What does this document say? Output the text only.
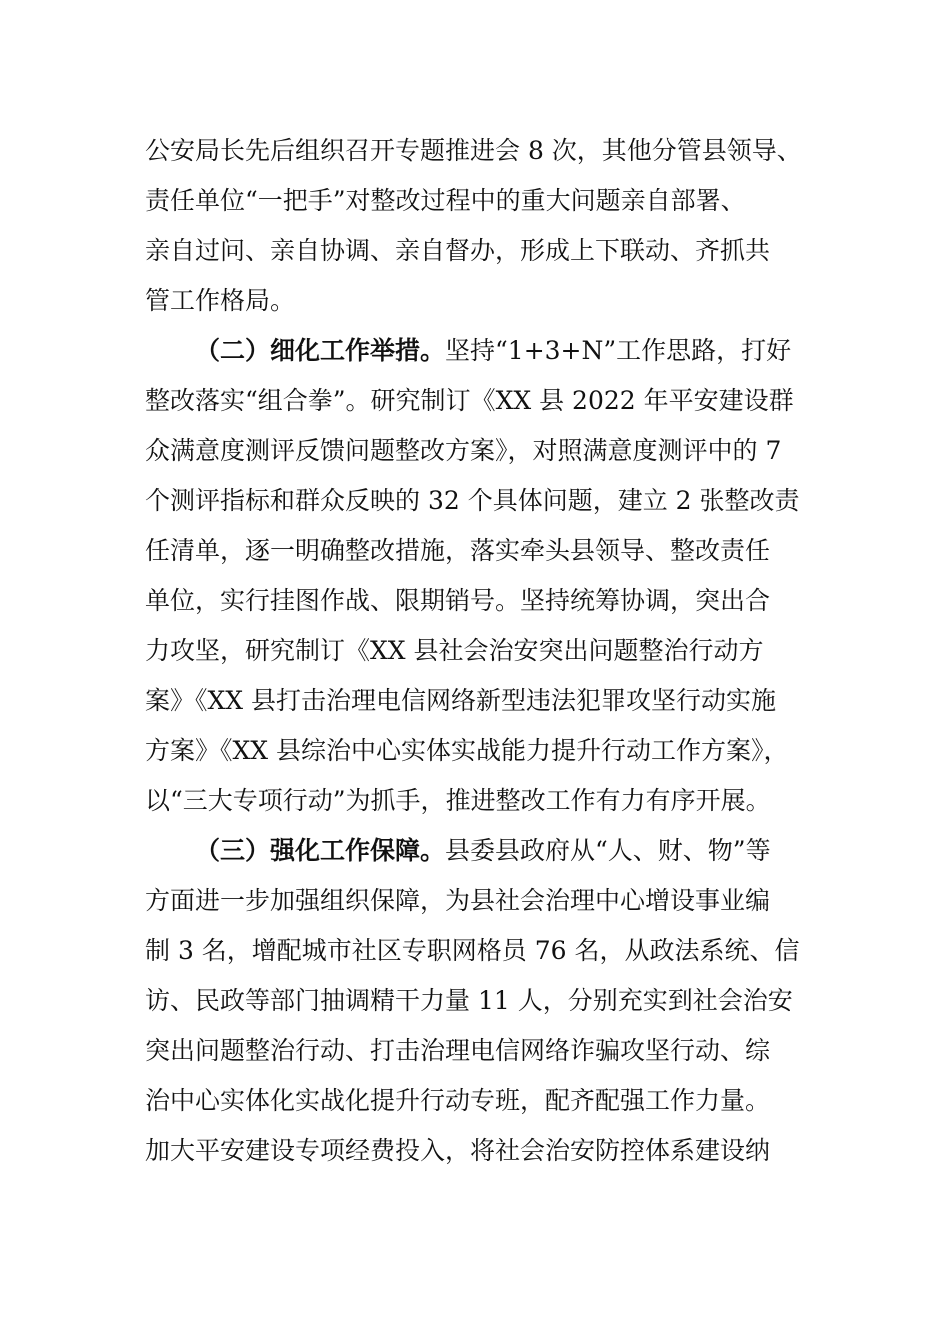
公安局长先后组织召开专题推进会 8 次，其他分管县领导、
责任单位“一把手”对整改过程中的重大问题亲自部署、
亲自过问、亲自协调、亲自督办，形成上下联动、齐抓共
管工作格局。
（二）细化工作举措。坚持“1+3+N”工作思路，打好
整改落实“组合拳”。研究制订《XX 县 2022 年平安建设群
众满意度测评反馈问题整改方案》，对照满意度测评中的 7
个测评指标和群众反映的 32 个具体问题，建立 2 张整改责
任清单，逐一明确整改措施，落实牵头县领导、整改责任
单位，实行挂图作战、限期销号。坚持统筹协调，突出合
力攻坚，研究制订《XX 县社会治安突出问题整治行动方
案》《XX 县打击治理电信网络新型违法犯罪攻坚行动实施
方案》《XX 县综治中心实体实战能力提升行动工作方案》，
以“三大专项行动”为抓手，推进整改工作有力有序开展。
（三）强化工作保障。县委县政府从“人、财、物”等
方面进一步加强组织保障，为县社会治理中心增设事业编
制 3 名，增配城市社区专职网格员 76 名，从政法系统、信
访、民政等部门抽调精干力量 11 人，分别充实到社会治安
突出问题整治行动、打击治理电信网络诈骗攻坚行动、综
治中心实体化实战化提升行动专班，配齐配强工作力量。
加大平安建设专项经费投入，将社会治安防控体系建设纳
